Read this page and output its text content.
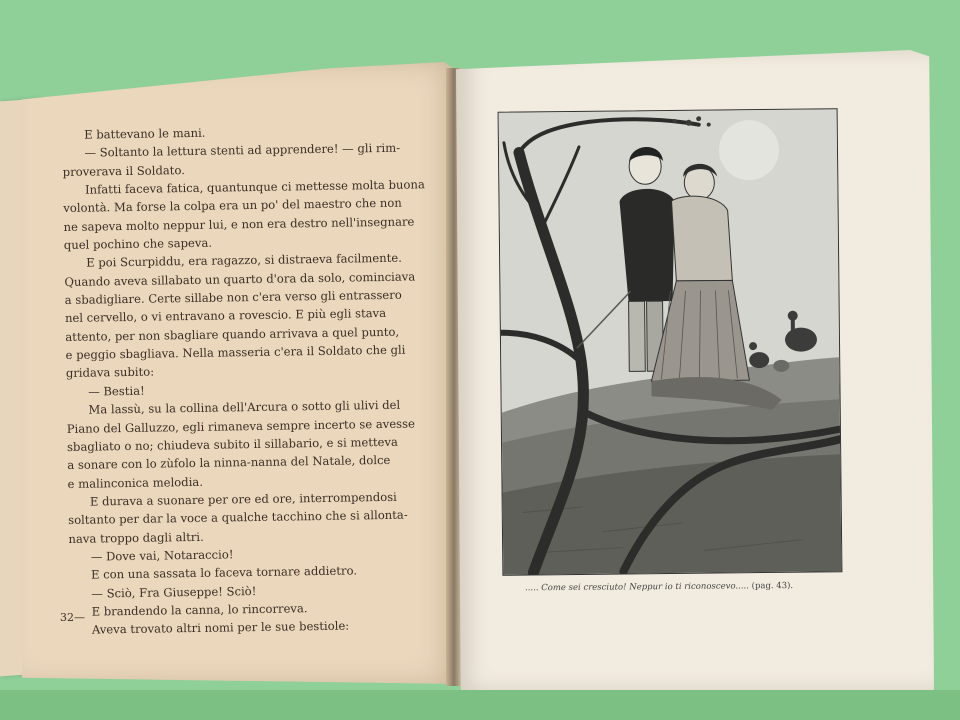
E battevano le mani.
— Soltanto la lettura stenti ad apprendere! — gli rim-
proverava il Soldato.
Infatti faceva fatica, quantunque ci mettesse molta buona
volontà. Ma forse la colpa era un po' del maestro che non
ne sapeva molto neppur lui, e non era destro nell'insegnare
quel pochino che sapeva.
E poi Scurpiddu, era ragazzo, si distraeva facilmente.
Quando aveva sillabato un quarto d'ora da solo, cominciava
a sbadigliare. Certe sillabe non c'era verso gli entrassero
nel cervello, o vi entravano a rovescio. E più egli stava
attento, per non sbagliare quando arrivava a quel punto,
e peggio sbagliava. Nella masseria c'era il Soldato che gli
gridava subito:
— Bestia!
Ma lassù, su la collina dell'Arcura o sotto gli ulivi del
Piano del Galluzzo, egli rimaneva sempre incerto se avesse
sbagliato o no; chiudeva subito il sillabario, e si metteva
a sonare con lo zùfolo la ninna-nanna del Natale, dolce
e malinconica melodia.
E durava a suonare per ore ed ore, interrompendosi
soltanto per dar la voce a qualche tacchino che si allonta-
nava troppo dagli altri.
— Dove vai, Notaraccio!
E con una sassata lo faceva tornare addietro.
— Sciò, Fra Giuseppe! Sciò!
E brandendo la canna, lo rincorreva.
Aveva trovato altri nomi per le sue bestiole:
32—
..... Come sei cresciuto! Neppur io ti riconoscevo..... (pag. 43).
